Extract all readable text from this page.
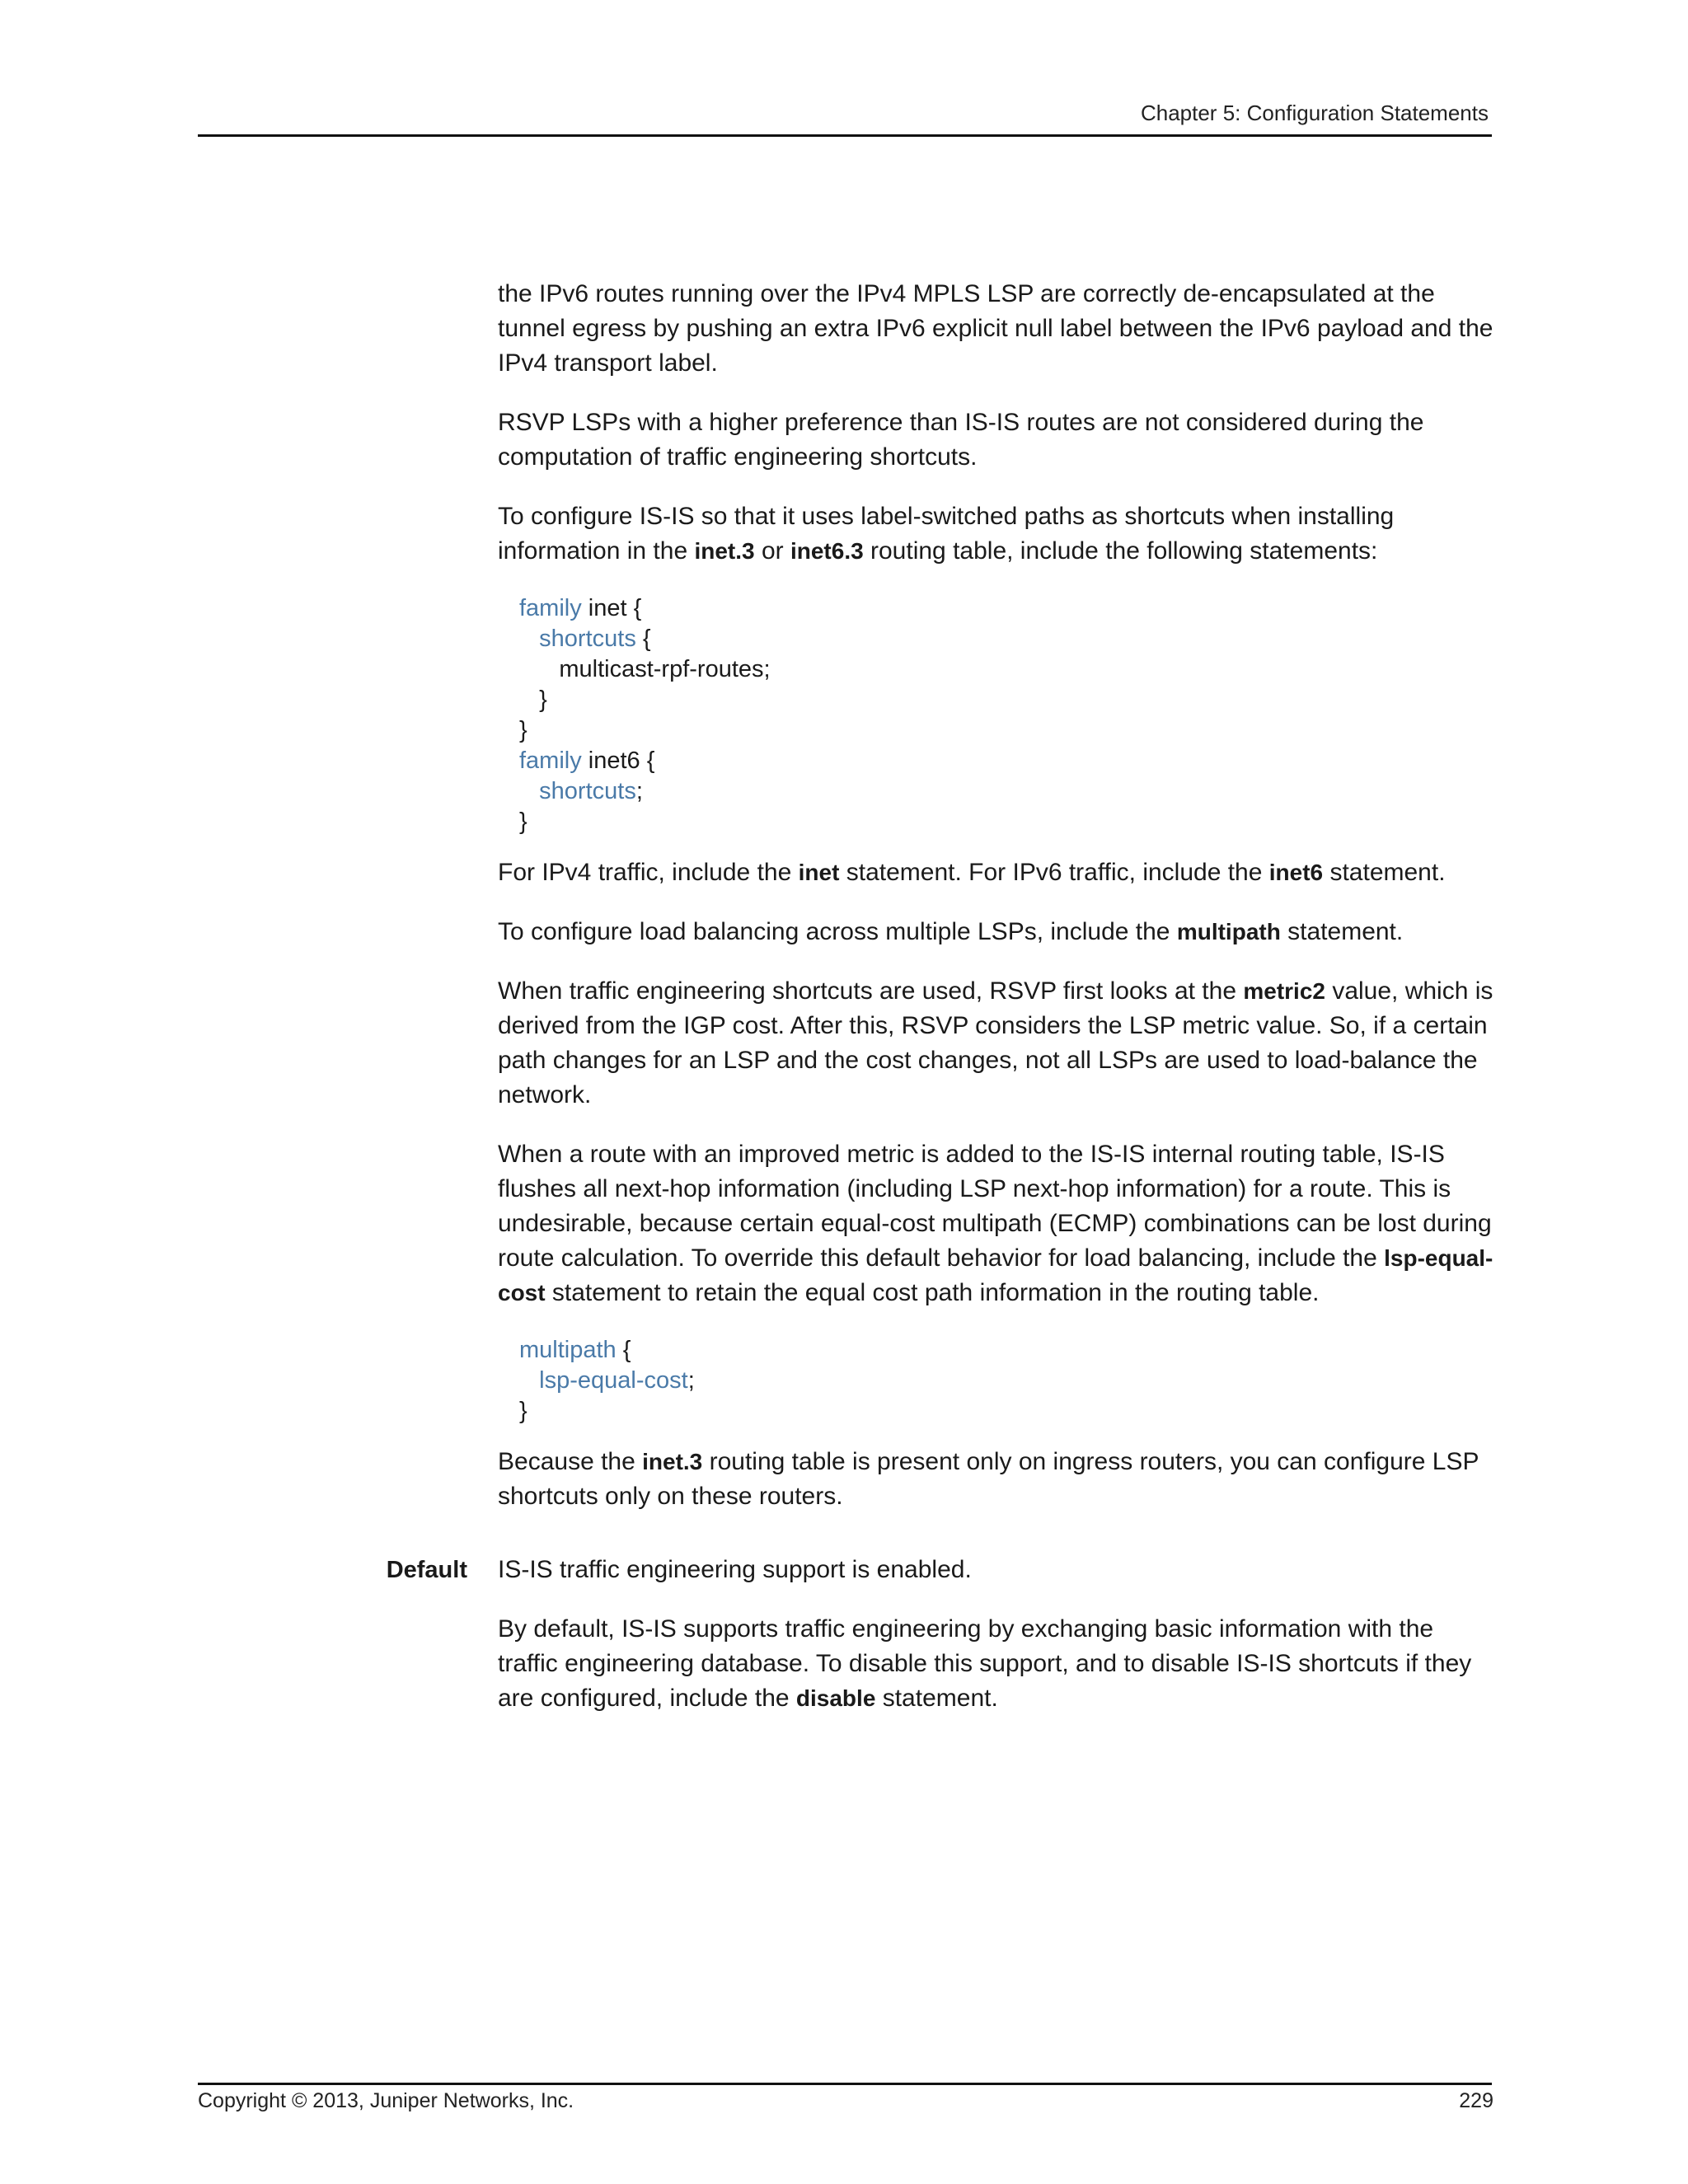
Chapter 5: Configuration Statements

the IPv6 routes running over the IPv4 MPLS LSP are correctly de-encapsulated at the tunnel egress by pushing an extra IPv6 explicit null label between the IPv6 payload and the IPv4 transport label.

RSVP LSPs with a higher preference than IS-IS routes are not considered during the computation of traffic engineering shortcuts.

To configure IS-IS so that it uses label-switched paths as shortcuts when installing information in the inet.3 or inet6.3 routing table, include the following statements:

family inet {
shortcuts {
multicast-rpf-routes;
}
}
family inet6 {
shortcuts;
}

For IPv4 traffic, include the inet statement. For IPv6 traffic, include the inet6 statement.

To configure load balancing across multiple LSPs, include the multipath statement.

When traffic engineering shortcuts are used, RSVP first looks at the metric2 value, which is derived from the IGP cost. After this, RSVP considers the LSP metric value. So, if a certain path changes for an LSP and the cost changes, not all LSPs are used to load-balance the network.

When a route with an improved metric is added to the IS-IS internal routing table, IS-IS flushes all next-hop information (including LSP next-hop information) for a route. This is undesirable, because certain equal-cost multipath (ECMP) combinations can be lost during route calculation. To override this default behavior for load balancing, include the lsp-equal-cost statement to retain the equal cost path information in the routing table.

multipath {
lsp-equal-cost;
}

Because the inet.3 routing table is present only on ingress routers, you can configure LSP shortcuts only on these routers.

Default IS-IS traffic engineering support is enabled.

By default, IS-IS supports traffic engineering by exchanging basic information with the traffic engineering database. To disable this support, and to disable IS-IS shortcuts if they are configured, include the disable statement.

Copyright © 2013, Juniper Networks, Inc.	229
